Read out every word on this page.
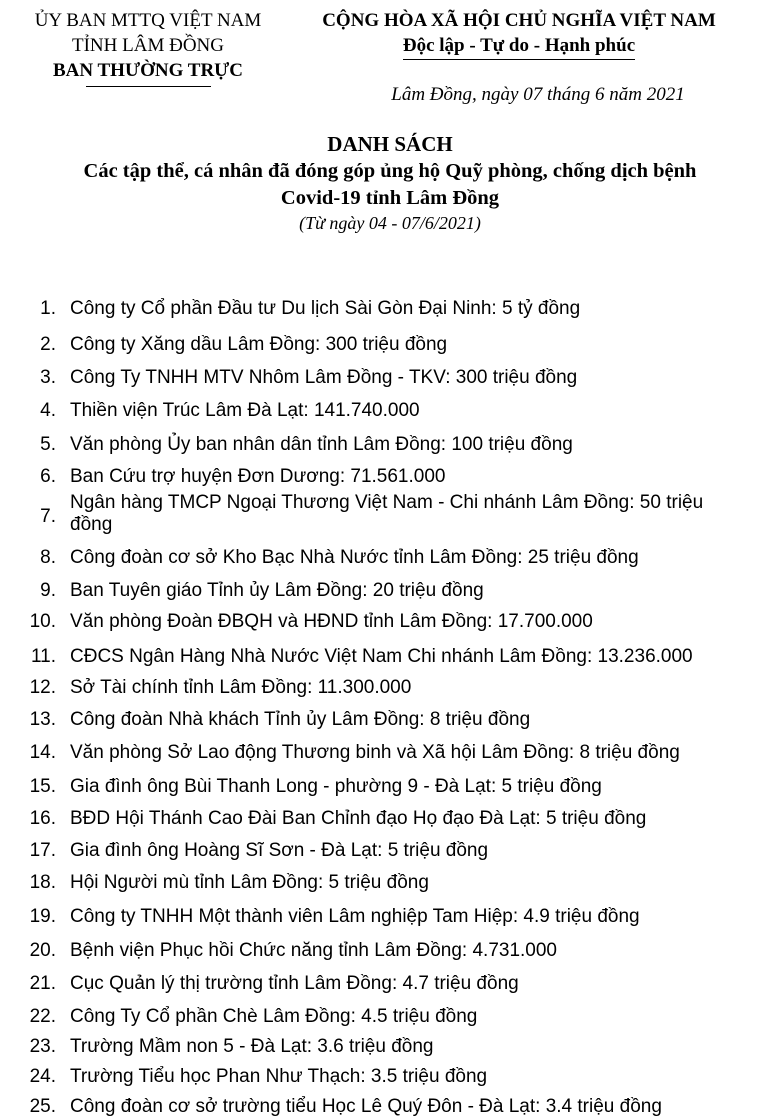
ỦY BAN MTTQ VIỆT NAM
TỈNH LÂM ĐỒNG
BAN THƯỜNG TRỰC
CỘNG HÒA XÃ HỘI CHỦ NGHĨA VIỆT NAM
Độc lập - Tự do - Hạnh phúc
Lâm Đồng, ngày 07 tháng 6 năm 2021
DANH SÁCH
Các tập thể, cá nhân đã đóng góp ủng hộ Quỹ phòng, chống dịch bệnh Covid-19 tỉnh Lâm Đồng
(Từ ngày 04 - 07/6/2021)
1. Công ty Cổ phần Đầu tư Du lịch Sài Gòn Đại Ninh: 5 tỷ đồng
2. Công ty Xăng dầu Lâm Đồng: 300 triệu đồng
3. Công Ty TNHH MTV Nhôm Lâm Đồng - TKV: 300 triệu đồng
4. Thiền viện Trúc Lâm Đà Lạt: 141.740.000
5. Văn phòng Ủy ban nhân dân tỉnh Lâm Đồng: 100 triệu đồng
6. Ban Cứu trợ huyện Đơn Dương: 71.561.000
7.
Ngân hàng TMCP Ngoại Thương Việt Nam - Chi nhánh Lâm Đồng: 50 triệu đồng
8. Công đoàn cơ sở Kho Bạc Nhà Nước tỉnh Lâm Đồng: 25 triệu đồng
9. Ban Tuyên giáo Tỉnh ủy Lâm Đồng: 20 triệu đồng
10. Văn phòng Đoàn ĐBQH và HĐND tỉnh Lâm Đồng: 17.700.000
11. CĐCS Ngân Hàng Nhà Nước Việt Nam Chi nhánh Lâm Đồng: 13.236.000
12. Sở Tài chính tỉnh Lâm Đồng: 11.300.000
13. Công đoàn Nhà khách Tỉnh ủy Lâm Đồng: 8 triệu đồng
14. Văn phòng Sở Lao động Thương binh và Xã hội Lâm Đồng: 8 triệu đồng
15. Gia đình ông Bùi Thanh Long - phường 9 - Đà Lạt: 5 triệu đồng
16. BĐD Hội Thánh Cao Đài Ban Chỉnh đạo Họ đạo Đà Lạt: 5 triệu đồng
17. Gia đình ông Hoàng Sĩ Sơn - Đà Lạt: 5 triệu đồng
18. Hội Người mù tỉnh Lâm Đồng: 5 triệu đồng
19. Công ty TNHH Một thành viên Lâm nghiệp Tam Hiệp: 4.9 triệu đồng
20. Bệnh viện Phục hồi Chức năng tỉnh Lâm Đồng: 4.731.000
21. Cục Quản lý thị trường tỉnh Lâm Đồng: 4.7 triệu đồng
22. Công Ty Cổ phần Chè Lâm Đồng: 4.5 triệu đồng
23. Trường Mầm non 5 - Đà Lạt: 3.6 triệu đồng
24. Trường Tiểu học Phan Như Thạch: 3.5 triệu đồng
25. Công đoàn cơ sở trường tiểu Học Lê Quý Đôn - Đà Lạt: 3.4 triệu đồng
